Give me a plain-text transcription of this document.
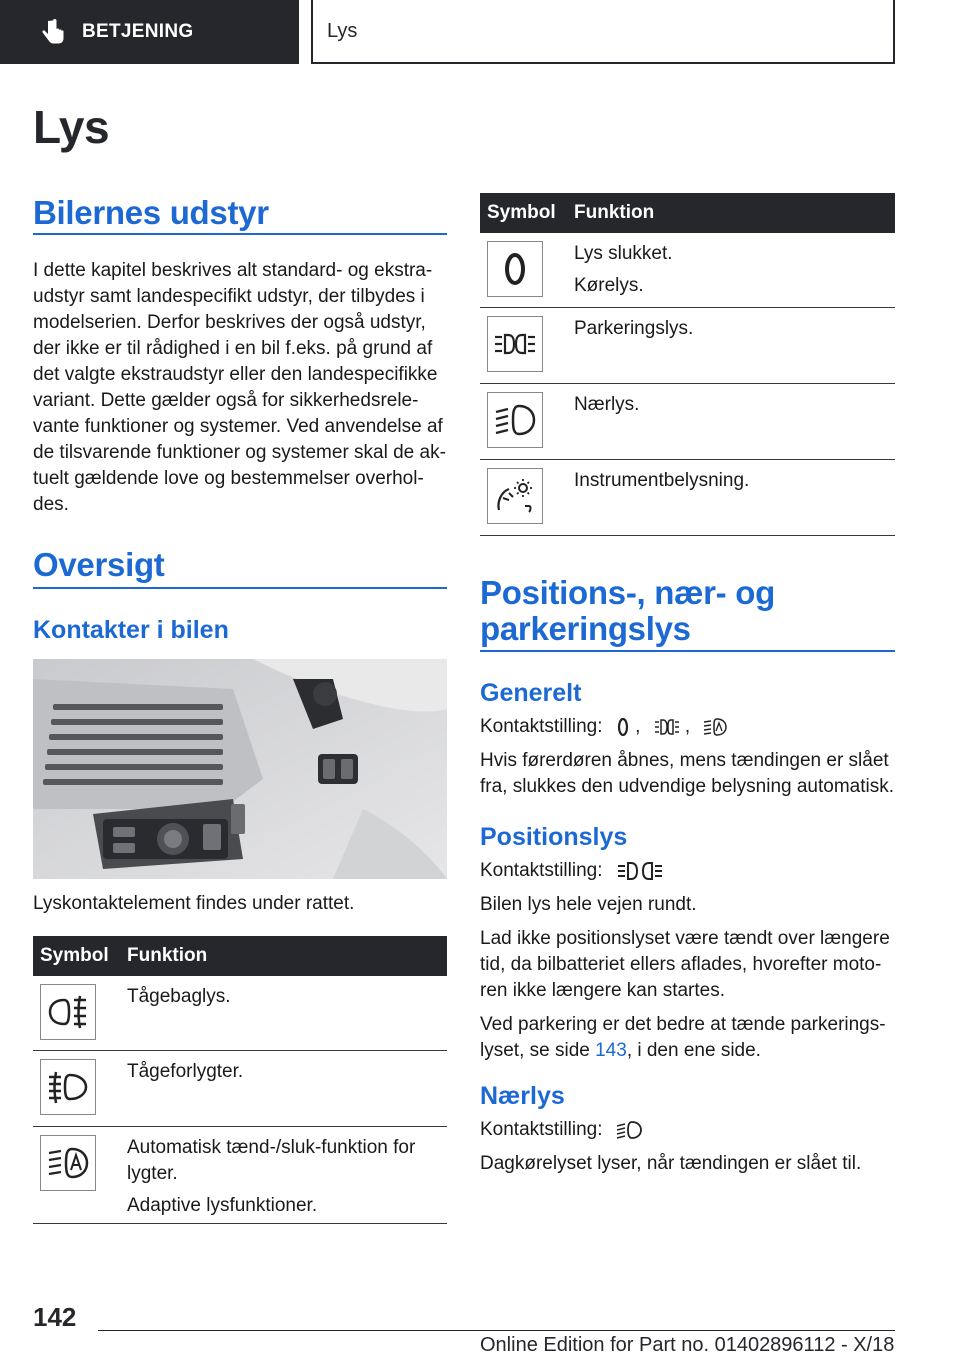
BETJENING	Lys
Lys
Bilernes udstyr
I dette kapitel beskrives alt standard- og ekstraudstyr samt landespecifikt udstyr, der tilbydes i modelserien. Derfor beskrives der også udstyr, der ikke er til rådighed i en bil f.eks. på grund af det valgte ekstraudstyr eller den landespecifikke variant. Dette gælder også for sikkerhedsrelevante funktioner og systemer. Ved anvendelse af de tilsvarende funktioner og systemer skal de aktuelt gældende love og bestemmelser overholdes.
Oversigt
Kontakter i bilen
Lyskontaktelement findes under rattet.
Symbol Funktion
Tågebaglys.
Tågeforlygter.
Automatisk tænd-/sluk-funktion for lygter.
Adaptive lysfunktioner.
Symbol Funktion
Lys slukket.
Kørelys.
Parkeringslys.
Nærlys.
Instrumentbelysning.
Positions-, nær- og parkeringslys
Generelt
Kontaktstilling: , ,
Hvis førerdøren åbnes, mens tændingen er slået fra, slukkes den udvendige belysning automatisk.
Positionslys
Kontaktstilling:
Bilen lys hele vejen rundt.
Lad ikke positionslyset være tændt over længere tid, da bilbatteriet ellers aflades, hvorefter motoren ikke længere kan startes.
Ved parkering er det bedre at tænde parkeringslyset, se side 143, i den ene side.
Nærlys
Kontaktstilling:
Dagkørelyset lyser, når tændingen er slået til.
142
Online Edition for Part no. 01402896112 - X/18
